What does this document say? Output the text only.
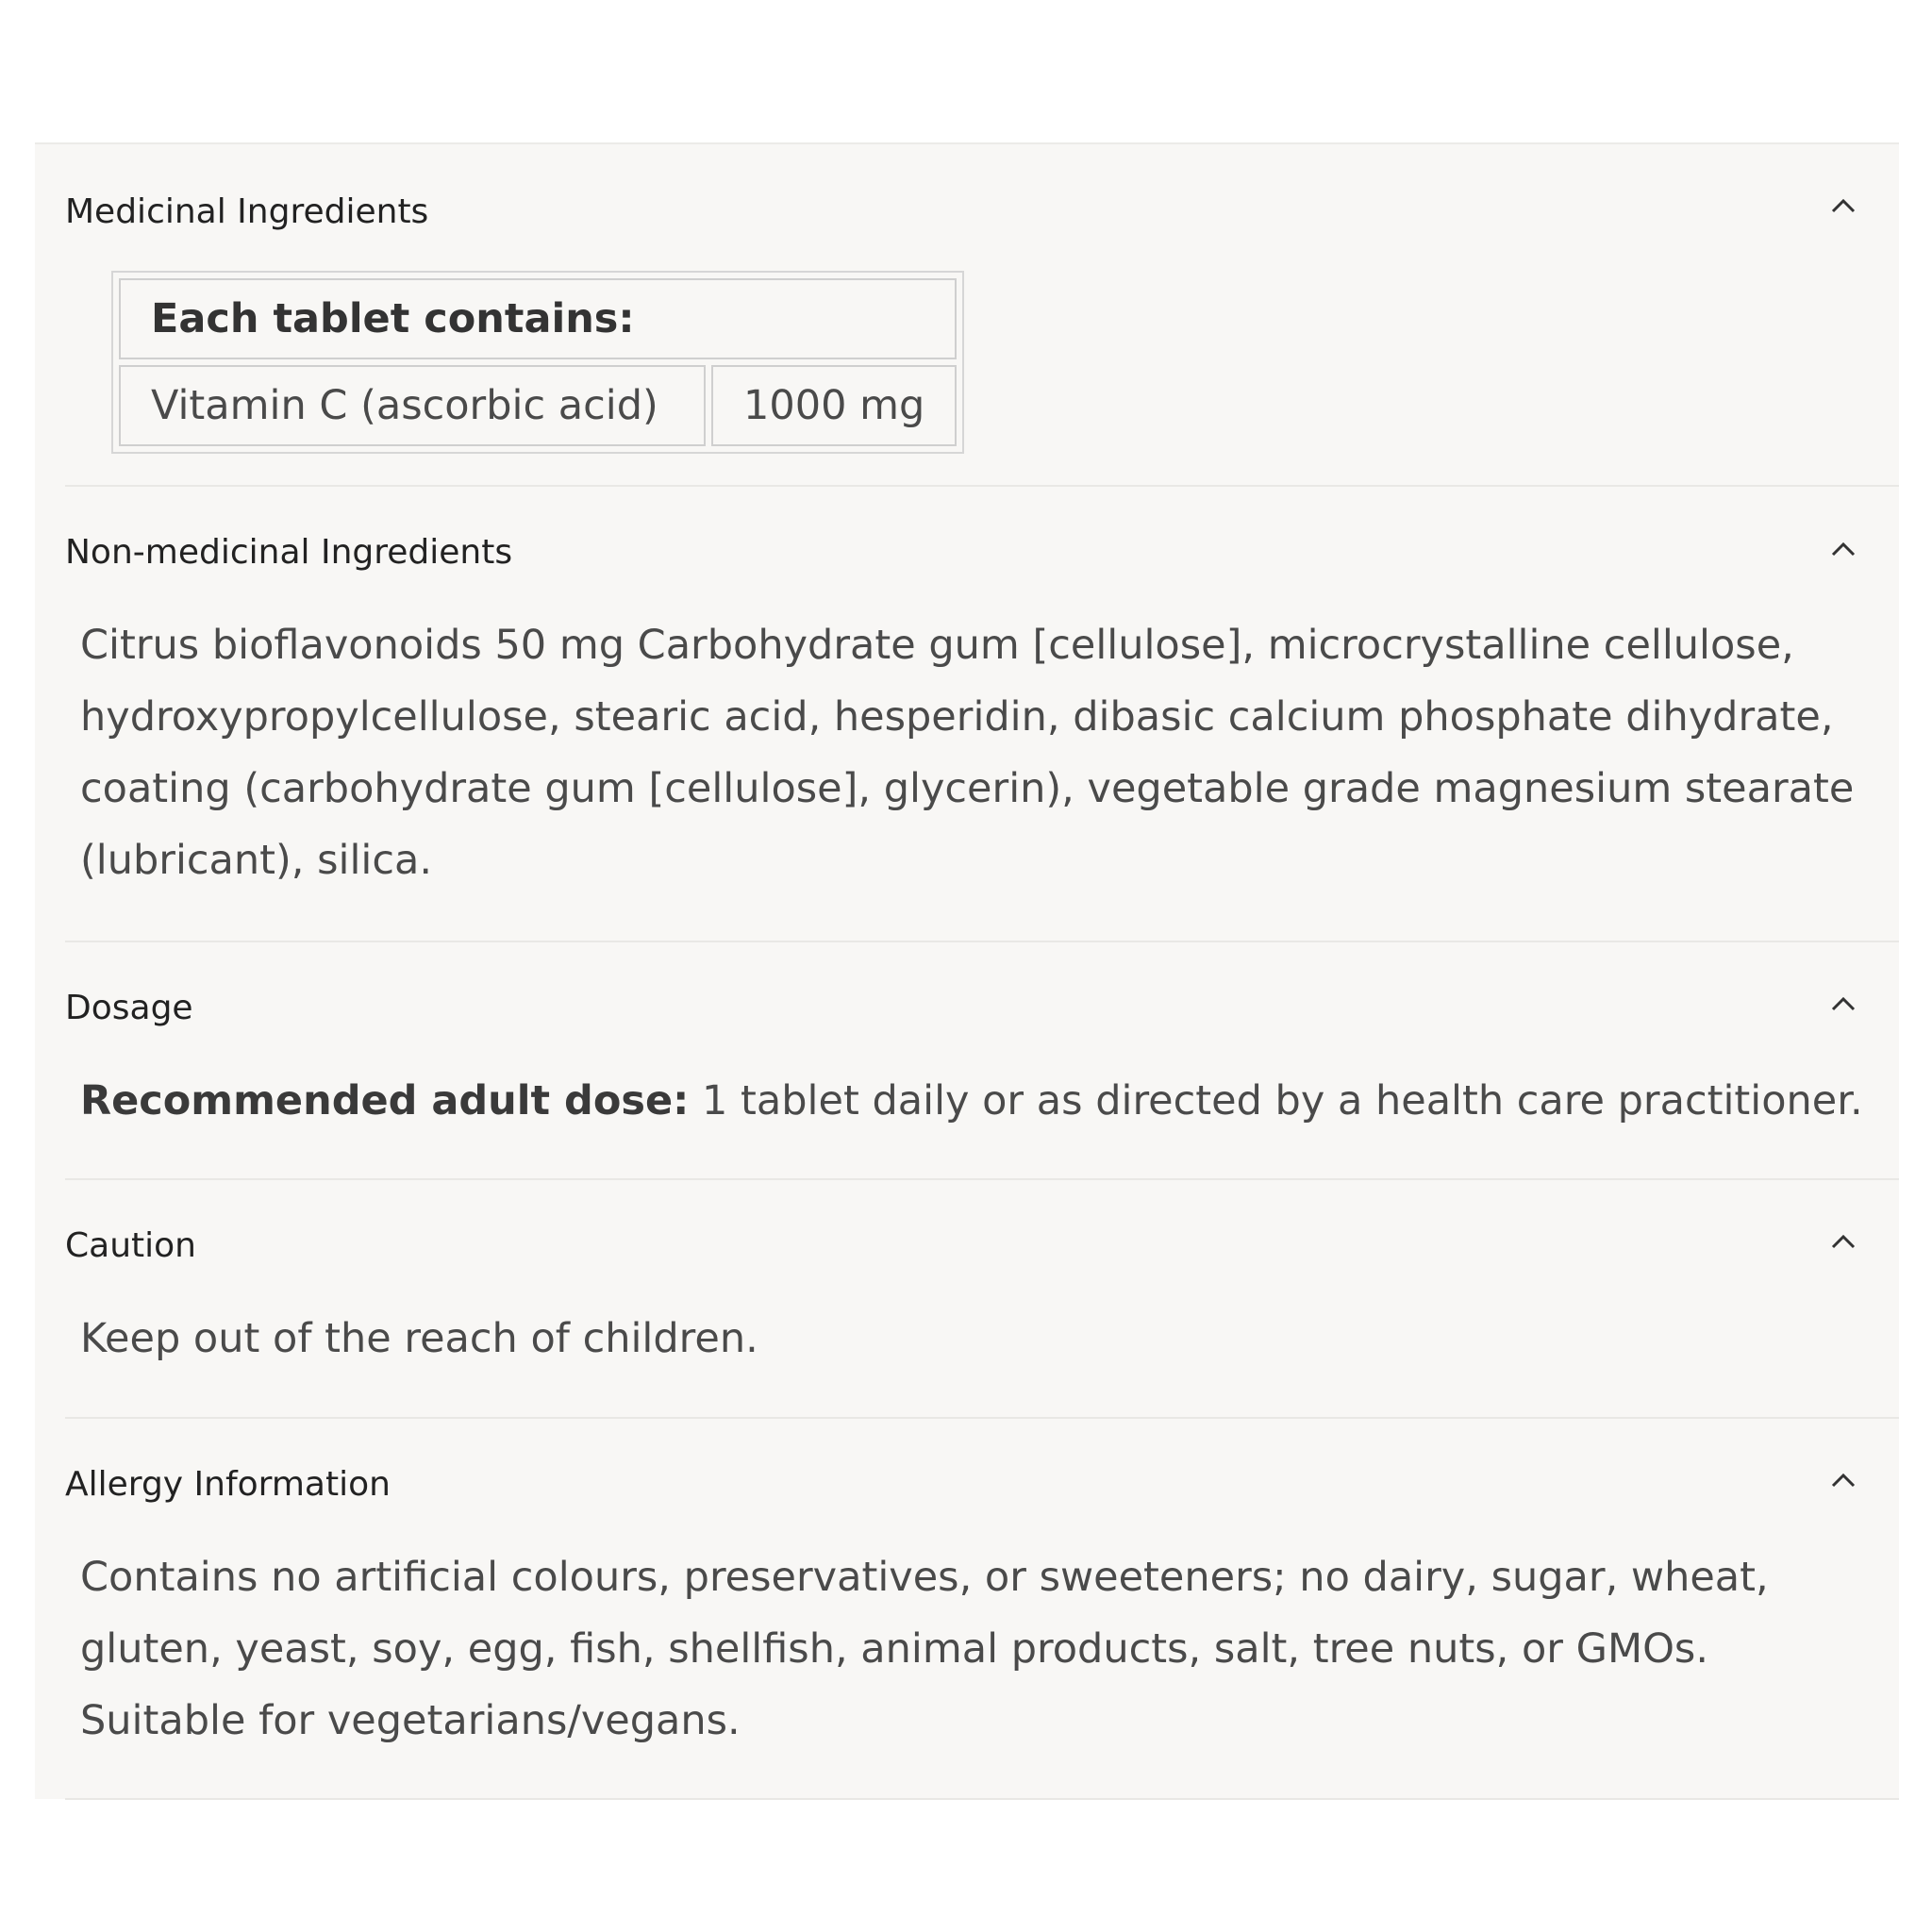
Medicinal Ingredients
Each tablet contains:
Vitamin C (ascorbic acid)	1000 mg
Non-medicinal Ingredients
Citrus bioflavonoids 50 mg Carbohydrate gum [cellulose], microcrystalline cellulose,
hydroxypropylcellulose, stearic acid, hesperidin, dibasic calcium phosphate dihydrate,
coating (carbohydrate gum [cellulose], glycerin), vegetable grade magnesium stearate
(lubricant), silica.
Dosage
Recommended adult dose: 1 tablet daily or as directed by a health care practitioner.
Caution
Keep out of the reach of children.
Allergy Information
Contains no artificial colours, preservatives, or sweeteners; no dairy, sugar, wheat,
gluten, yeast, soy, egg, fish, shellfish, animal products, salt, tree nuts, or GMOs.
Suitable for vegetarians/vegans.
